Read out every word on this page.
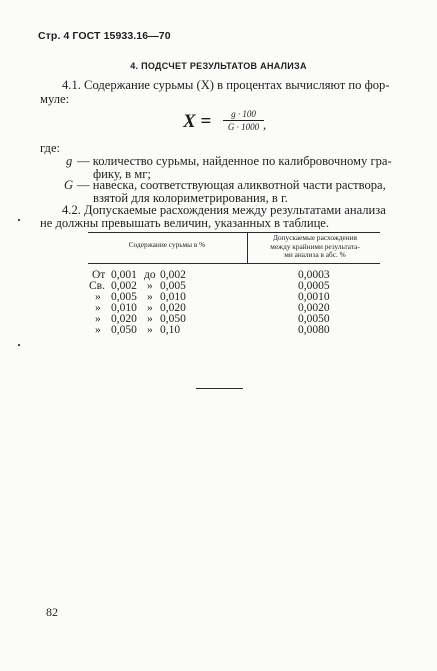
Стр. 4 ГОСТ 15933.16—70
4. ПОДСЧЕТ РЕЗУЛЬТАТОВ АНАЛИЗА
4.1. Содержание сурьмы (X) в процентах вычисляют по фор-
муле:
X =	g · 100
G · 1000 ,
где:
g — количество сурьмы, найденное по калибровочному гра-
фику, в мг;
G — навеска, соответствующая аликвотной части раствора,
взятой для колориметрирования, в г.
4.2. Допускаемые расхождения между результатами анализа
не должны превышать величин, указанных в таблице.
Содержание сурьмы в %
Допускаемые расхождения
между крайними результата-
ми анализа в абс. %
От 0,001 до 0,002	0,0003
Св. 0,002 » 0,005	0,0005
» 0,005 » 0,010	0,0010
» 0,010 » 0,020	0,0020
» 0,020 » 0,050	0,0050
» 0,050 » 0,10	0,0080
82
